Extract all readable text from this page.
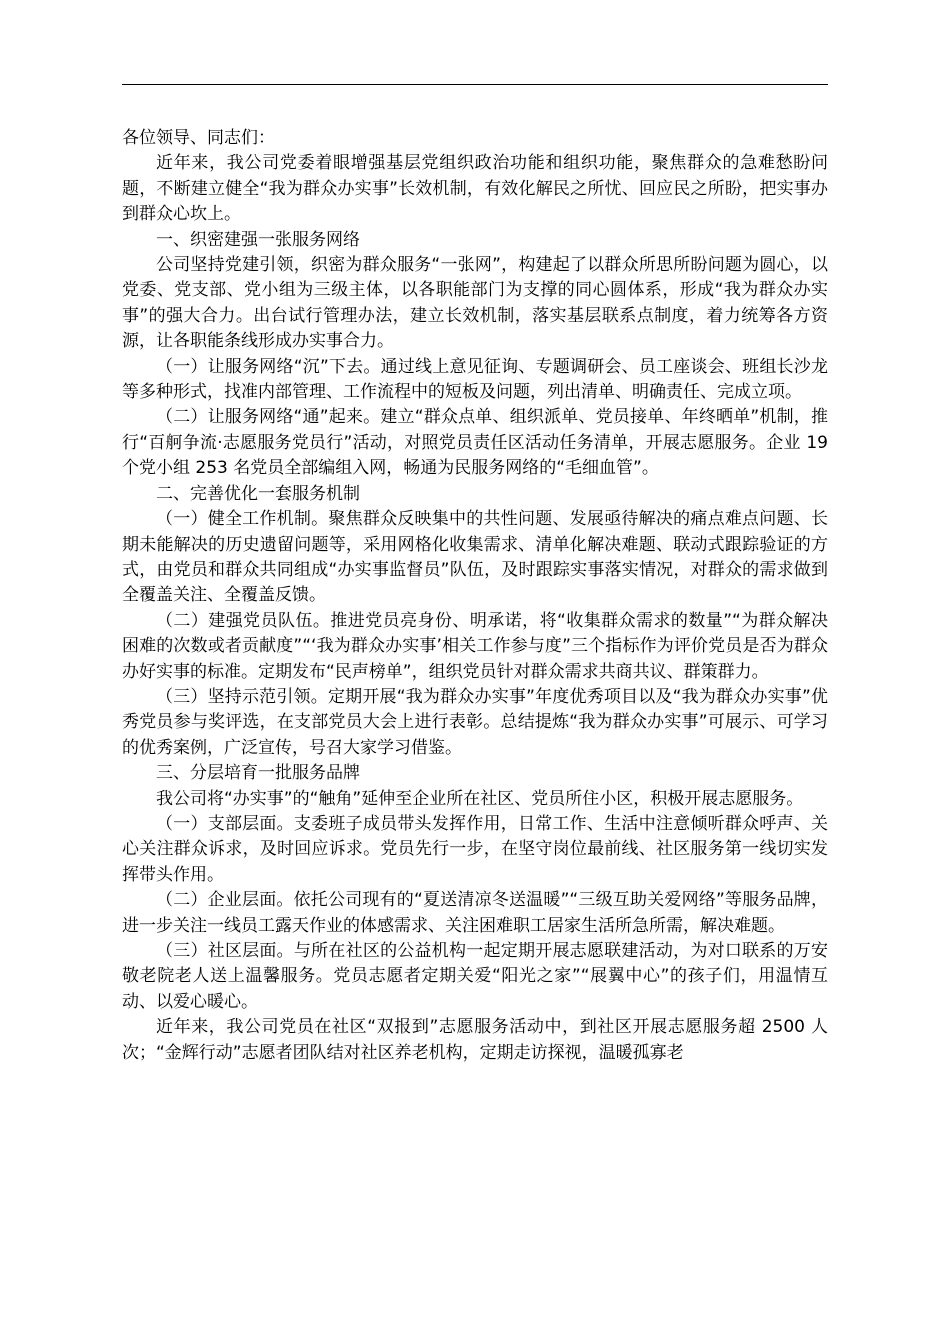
各位领导、同志们：

近年来，我公司党委着眼增强基层党组织政治功能和组织功能，聚焦群众的急难愁盼问题，不断建立健全“我为群众办实事”长效机制，有效化解民之所忧、回应民之所盼，把实事办到群众心坎上。

一、织密建强一张服务网络

公司坚持党建引领，织密为群众服务“一张网”，构建起了以群众所思所盼问题为圆心，以党委、党支部、党小组为三级主体，以各职能部门为支撑的同心圆体系，形成“我为群众办实事”的强大合力。出台试行管理办法，建立长效机制，落实基层联系点制度，着力统筹各方资源，让各职能条线形成办实事合力。

（一）让服务网络“沉”下去。通过线上意见征询、专题调研会、员工座谈会、班组长沙龙等多种形式，找准内部管理、工作流程中的短板及问题，列出清单、明确责任、完成立项。

（二）让服务网络“通”起来。建立“群众点单、组织派单、党员接单、年终晒单”机制，推行“百舸争流·志愿服务党员行”活动，对照党员责任区活动任务清单，开展志愿服务。企业 19 个党小组 253 名党员全部编组入网，畅通为民服务网络的“毛细血管”。

二、完善优化一套服务机制

（一）健全工作机制。聚焦群众反映集中的共性问题、发展亟待解决的痛点难点问题、长期未能解决的历史遗留问题等，采用网格化收集需求、清单化解决难题、联动式跟踪验证的方式，由党员和群众共同组成“办实事监督员”队伍，及时跟踪实事落实情况，对群众的需求做到全覆盖关注、全覆盖反馈。

（二）建强党员队伍。推进党员亮身份、明承诺，将“收集群众需求的数量”“为群众解决困难的次数或者贡献度”“‘我为群众办实事’相关工作参与度”三个指标作为评价党员是否为群众办好实事的标准。定期发布“民声榜单”，组织党员针对群众需求共商共议、群策群力。

（三）坚持示范引领。定期开展“我为群众办实事”年度优秀项目以及“我为群众办实事”优秀党员参与奖评选，在支部党员大会上进行表彰。总结提炼“我为群众办实事”可展示、可学习的优秀案例，广泛宣传，号召大家学习借鉴。

三、分层培育一批服务品牌

我公司将“办实事”的“触角”延伸至企业所在社区、党员所住小区，积极开展志愿服务。

（一）支部层面。支委班子成员带头发挥作用，日常工作、生活中注意倾听群众呼声、关心关注群众诉求，及时回应诉求。党员先行一步，在坚守岗位最前线、社区服务第一线切实发挥带头作用。

（二）企业层面。依托公司现有的“夏送清凉冬送温暖”“三级互助关爱网络”等服务品牌，进一步关注一线员工露天作业的体感需求、关注困难职工居家生活所急所需，解决难题。

（三）社区层面。与所在社区的公益机构一起定期开展志愿联建活动，为对口联系的万安敬老院老人送上温馨服务。党员志愿者定期关爱“阳光之家”“展翼中心”的孩子们，用温情互动、以爱心暖心。

近年来，我公司党员在社区“双报到”志愿服务活动中，到社区开展志愿服务超 2500 人次；“金辉行动”志愿者团队结对社区养老机构，定期走访探视，温暖孤寡老
